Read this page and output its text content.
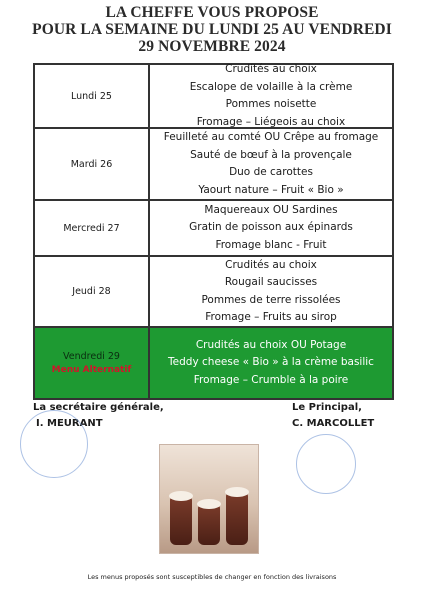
LA CHEFFE VOUS PROPOSE
POUR LA SEMAINE DU LUNDI 25 AU VENDREDI
29 NOVEMBRE 2024
Lundi 25
Crudités au choix
Escalope de volaille à la crème
Pommes noisette
Fromage – Liégeois au choix
Mardi 26
Feuilleté au comté OU Crêpe au fromage
Sauté de bœuf à la provençale
Duo de carottes
Yaourt nature – Fruit « Bio »
Mercredi 27
Maquereaux OU Sardines
Gratin de poisson aux épinards
Fromage blanc - Fruit
Jeudi 28
Crudités au choix
Rougail saucisses
Pommes de terre rissolées
Fromage – Fruits au sirop
Vendredi 29
Menu Alternatif
Crudités au choix OU Potage
Teddy cheese « Bio » à la crème basilic
Fromage – Crumble à la poire
La secrétaire générale,
I. MEURANT
Le Principal,
C. MARCOLLET
Les menus proposés sont susceptibles de changer en fonction des livraisons
